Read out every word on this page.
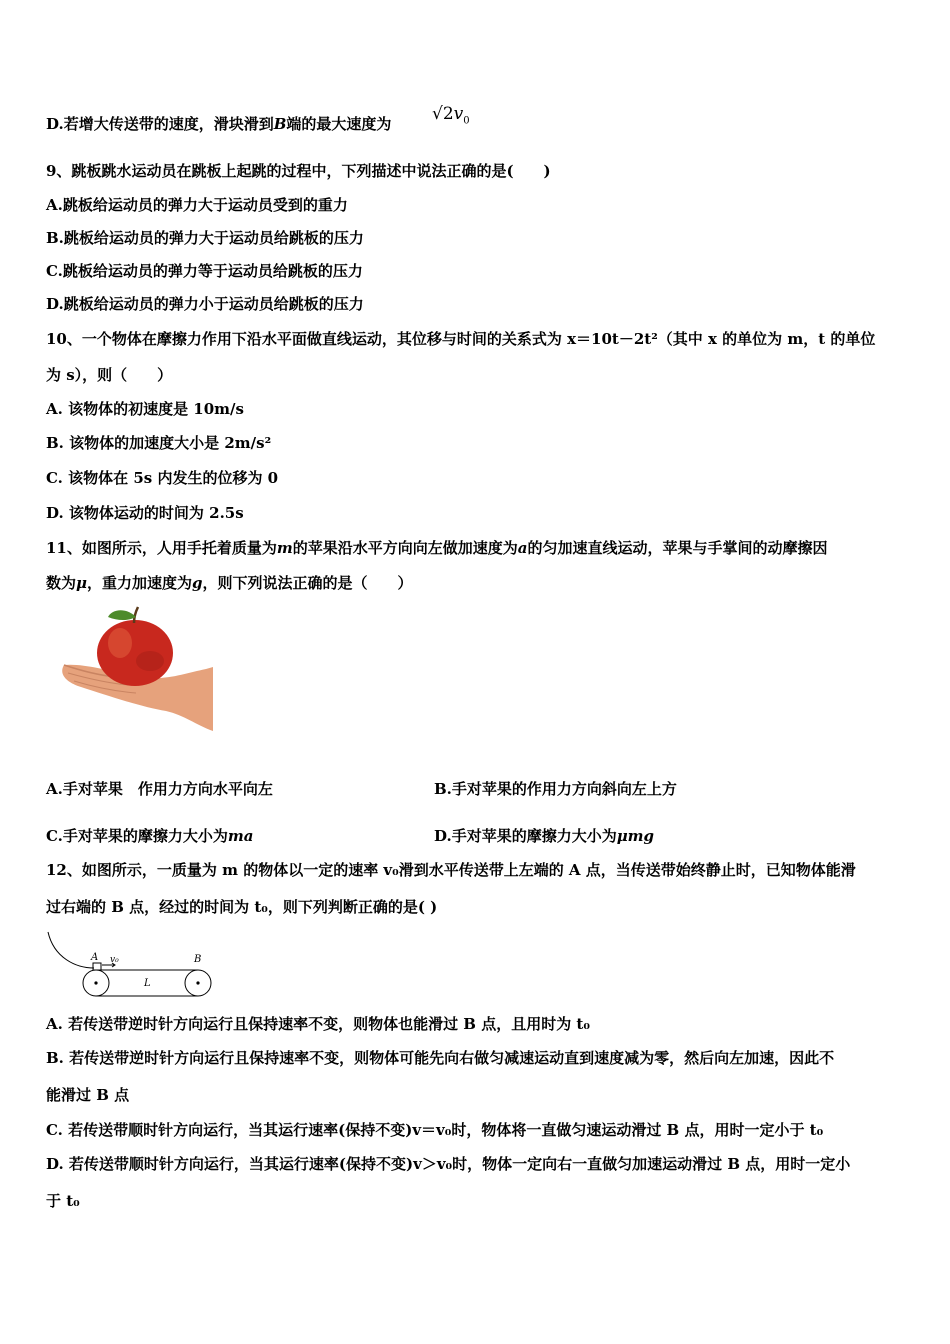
D.若增大传送带的速度，滑块滑到B端的最大速度为 $√2v_0$
9、跳板跳水运动员在跳板上起跳的过程中，下列描述中说法正确的是(　　)
A.跳板给运动员的弹力大于运动员受到的重力
B.跳板给运动员的弹力大于运动员给跳板的压力
C.跳板给运动员的弹力等于运动员给跳板的压力
D.跳板给运动员的弹力小于运动员给跳板的压力
10、一个物体在摩擦力作用下沿水平面做直线运动，其位移与时间的关系式为 x＝10t－2t²（其中 x 的单位为 m，t 的单位
为 s），则（　　）
A. 该物体的初速度是 10m/s
B. 该物体的加速度大小是 2m/s²
C. 该物体在 5s 内发生的位移为 0
D. 该物体运动的时间为 2.5s
11、如图所示，人用手托着质量为m的苹果沿水平方向向左做加速度为a的匀加速直线运动，苹果与手掌间的动摩擦因
数为μ，重力加速度为g，则下列说法正确的是（　　）
A.手对苹果　作用力方向水平向左	B.手对苹果的作用力方向斜向左上方
C.手对苹果的摩擦力大小为ma	D.手对苹果的摩擦力大小为μmg
12、如图所示，一质量为 m 的物体以一定的速率 v₀滑到水平传送带上左端的 A 点，当传送带始终静止时，已知物体能滑
过右端的 B 点，经过的时间为 t₀，则下列判断正确的是( )
A v₀	B
L
A. 若传送带逆时针方向运行且保持速率不变，则物体也能滑过 B 点，且用时为 t₀
B. 若传送带逆时针方向运行且保持速率不变，则物体可能先向右做匀减速运动直到速度减为零，然后向左加速，因此不
能滑过 B 点
C. 若传送带顺时针方向运行，当其运行速率(保持不变)v＝v₀时，物体将一直做匀速运动滑过 B 点，用时一定小于 t₀
D. 若传送带顺时针方向运行，当其运行速率(保持不变)v＞v₀时，物体一定向右一直做匀加速运动滑过 B 点，用时一定小
于 t₀
